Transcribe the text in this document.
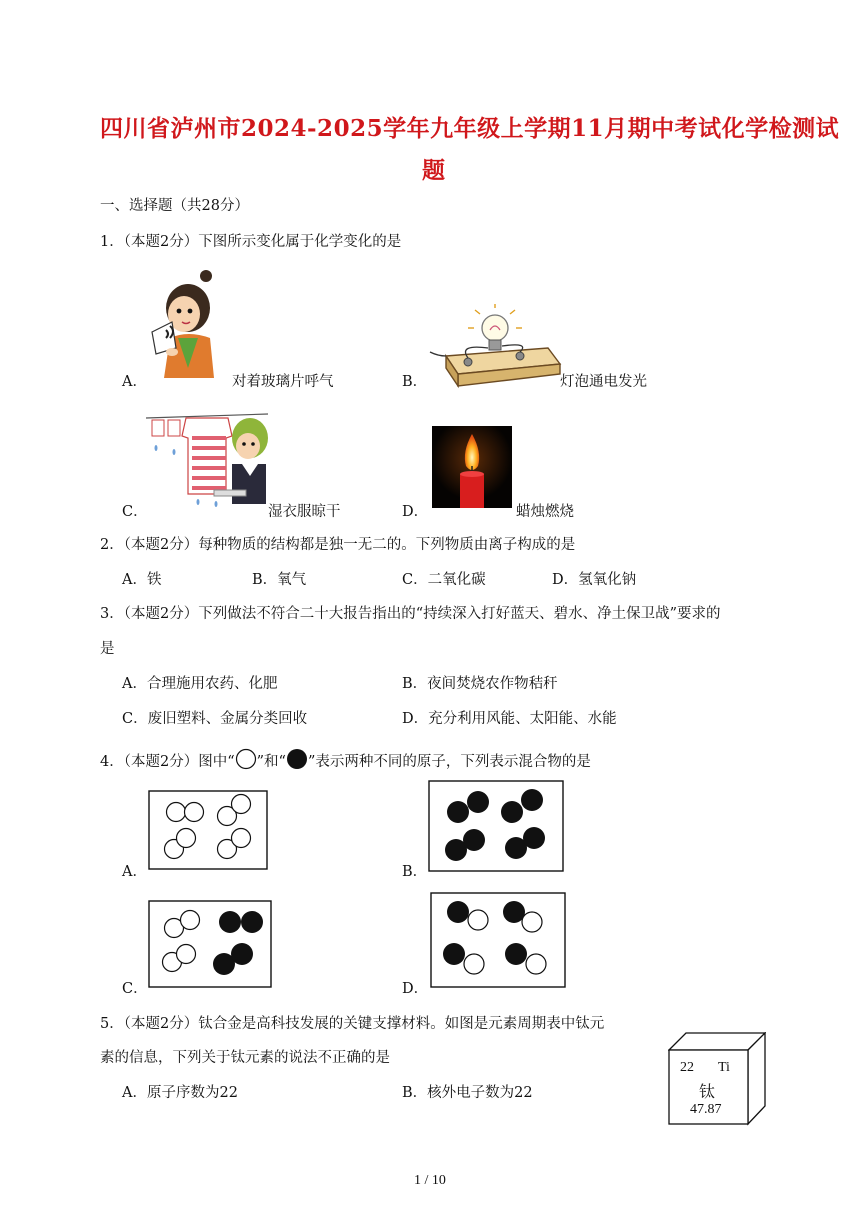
四川省泸州市2024-2025学年九年级上学期11月期中考试化学检测试
题
一、选择题（共28分）
1．（本题2分）下图所示变化属于化学变化的是
A．	对着玻璃片呼气	B．	灯泡通电发光
C．	湿衣服晾干	D．	蜡烛燃烧
2．（本题2分）每种物质的结构都是独一无二的。下列物质由离子构成的是
A．铁	B．氧气	C．二氧化碳	D．氢氧化钠
3．（本题2分）下列做法不符合二十大报告指出的“持续深入打好蓝天、碧水、净土保卫战”要求的
是
A．合理施用农药、化肥	B．夜间焚烧农作物秸秆
C．废旧塑料、金属分类回收	D．充分利用风能、太阳能、水能
4．（本题2分）图中“ ”和“ ”表示两种不同的原子，下列表示混合物的是
A．	B．
C．	D．
5．（本题2分）钛合金是高科技发展的关键支撑材料。如图是元素周期表中钛元
素的信息，下列关于钛元素的说法不正确的是
A．原子序数为22	B．核外电子数为22
22 Ti
钛
47.87
1 / 10
